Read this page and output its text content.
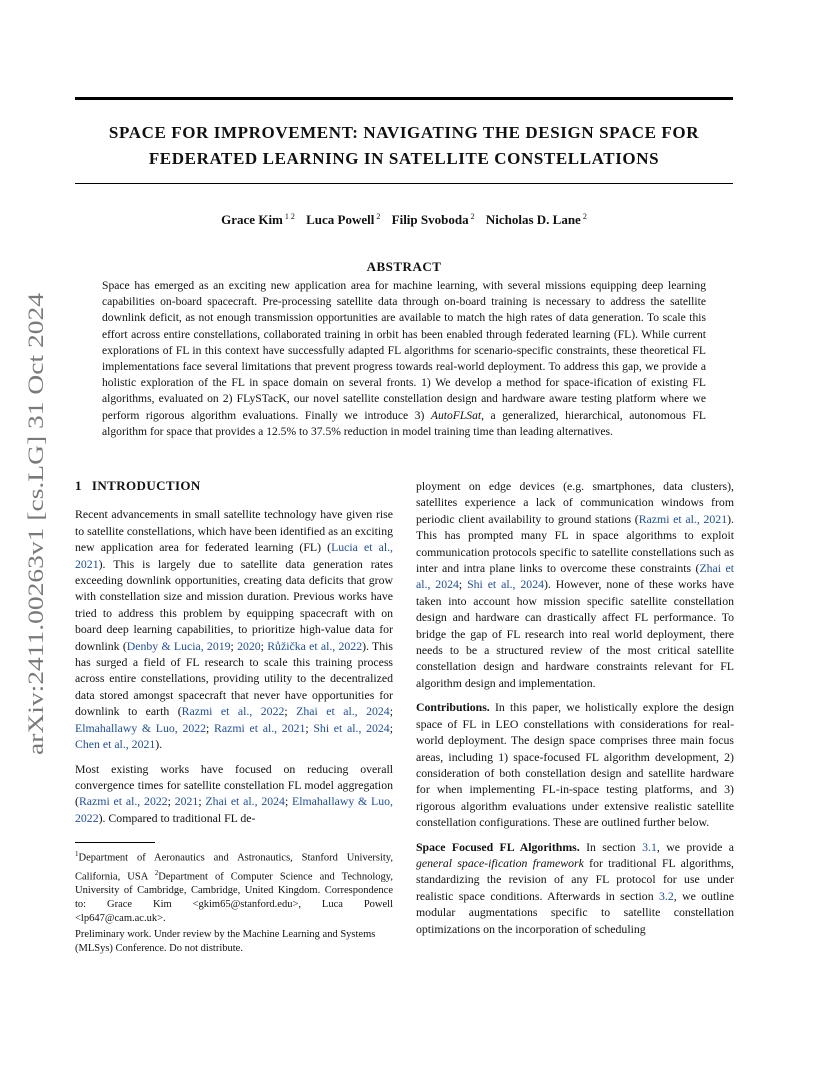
SPACE FOR IMPROVEMENT: NAVIGATING THE DESIGN SPACE FOR
FEDERATED LEARNING IN SATELLITE CONSTELLATIONS
Grace Kim $^{1 2}$ Luca Powell $^2$ Filip Svoboda $^2$ Nicholas D. Lane $^2$
ABSTRACT

Space has emerged as an exciting new application area for machine learning, with several missions equipping deep learning capabilities on-board spacecraft. Pre-processing satellite data through on-board training is necessary to address the satellite downlink deficit, as not enough transmission opportunities are available to match the high rates of data generation. To scale this effort across entire constellations, collaborated training in orbit has been enabled through federated learning (FL). While current explorations of FL in this context have successfully adapted FL algorithms for scenario-specific constraints, these theoretical FL implementations face several limitations that prevent progress towards real-world deployment. To address this gap, we provide a holistic exploration of the FL in space domain on several fronts. 1) We develop a method for space-ification of existing FL algorithms, evaluated on 2) FLySTacK, our novel satellite constellation design and hardware aware testing platform where we perform rigorous algorithm evaluations. Finally we introduce 3) AutoFLSat, a generalized, hierarchical, autonomous FL algorithm for space that provides a 12.5% to 37.5% reduction in model training time than leading alternatives.

arXiv:2411.00263v1 [cs.LG] 31 Oct 2024 1 INTRODUCTION

Recent advancements in small satellite technology have given rise to satellite constellations, which have been identified as an exciting new application area for federated learning (FL) (Lucia et al., 2021). This is largely due to satellite data generation rates exceeding downlink opportunities, creating data deficits that grow with constellation size and mission duration. Previous works have tried to address this problem by equipping spacecraft with on board deep learning capabilities, to prioritize high-value data for downlink (Denby & Lucia, 2019; 2020; Růžička et al., 2022). This has surged a field of FL research to scale this training process across entire constellations, providing utility to the decentralized data stored amongst spacecraft that never have opportunities for downlink to earth (Razmi et al., 2022; Zhai et al., 2024; Elmahallawy & Luo, 2022; Razmi et al., 2021; Shi et al., 2024; Chen et al., 2021).

Most existing works have focused on reducing overall convergence times for satellite constellation FL model aggregation (Razmi et al., 2022; 2021; Zhai et al., 2024; Elmahallawy & Luo, 2022). Compared to traditional FL de-

$^1$Department of Aeronautics and Astronautics, Stanford University, California, USA $^2$Department of Computer Science and Technology, University of Cambridge, Cambridge, United Kingdom. Correspondence to: Grace Kim <gkim65@stanford.edu>, Luca Powell <lp647@cam.ac.uk>.

Preliminary work. Under review by the Machine Learning and Systems (MLSys) Conference. Do not distribute.

ployment on edge devices (e.g. smartphones, data clusters), satellites experience a lack of communication windows from periodic client availability to ground stations (Razmi et al., 2021). This has prompted many FL in space algorithms to exploit communication protocols specific to satellite constellations such as inter and intra plane links to overcome these constraints (Zhai et al., 2024; Shi et al., 2024). However, none of these works have taken into account how mission specific satellite constellation design and hardware can drastically affect FL performance. To bridge the gap of FL research into real world deployment, there needs to be a structured review of the most critical satellite constellation design and hardware constraints relevant for FL algorithm design and implementation.

Contributions. In this paper, we holistically explore the design space of FL in LEO constellations with considerations for real-world deployment. The design space comprises three main focus areas, including 1) space-focused FL algorithm development, 2) consideration of both constellation design and satellite hardware for when implementing FL-in-space testing platforms, and 3) rigorous algorithm evaluations under extensive realistic satellite constellation configurations. These are outlined further below.

Space Focused FL Algorithms. In section 3.1, we provide a general space-ification framework for traditional FL algorithms, standardizing the revision of any FL protocol for use under realistic space conditions. Afterwards in section 3.2, we outline modular augmentations specific to satellite constellation optimizations on the incorporation of scheduling
